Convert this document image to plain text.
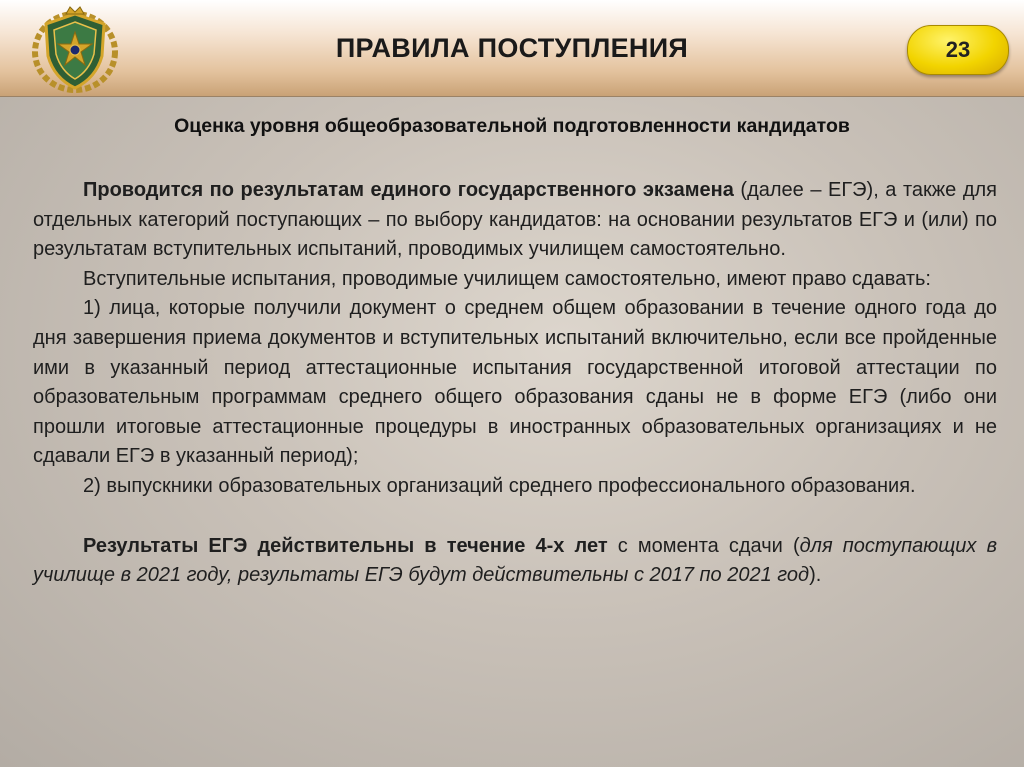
ПРАВИЛА ПОСТУПЛЕНИЯ	23
Оценка уровня общеобразовательной подготовленности кандидатов

Проводится по результатам единого государственного экзамена (далее – ЕГЭ), а также для отдельных категорий поступающих – по выбору кандидатов: на основании результатов ЕГЭ и (или) по результатам вступительных испытаний, проводимых училищем самостоятельно.

Вступительные испытания, проводимые училищем самостоятельно, имеют право сдавать:

1) лица, которые получили документ о среднем общем образовании в течение одного года до дня завершения приема документов и вступительных испытаний включительно, если все пройденные ими в указанный период аттестационные испытания государственной итоговой аттестации по образовательным программам среднего общего образования сданы не в форме ЕГЭ (либо они прошли итоговые аттестационные процедуры в иностранных образовательных организациях и не сдавали ЕГЭ в указанный период);

2) выпускники образовательных организаций среднего профессионального образования.

Результаты ЕГЭ действительны в течение 4-х лет с момента сдачи (для поступающих в училище в 2021 году, результаты ЕГЭ будут действительны с 2017 по 2021 год).
